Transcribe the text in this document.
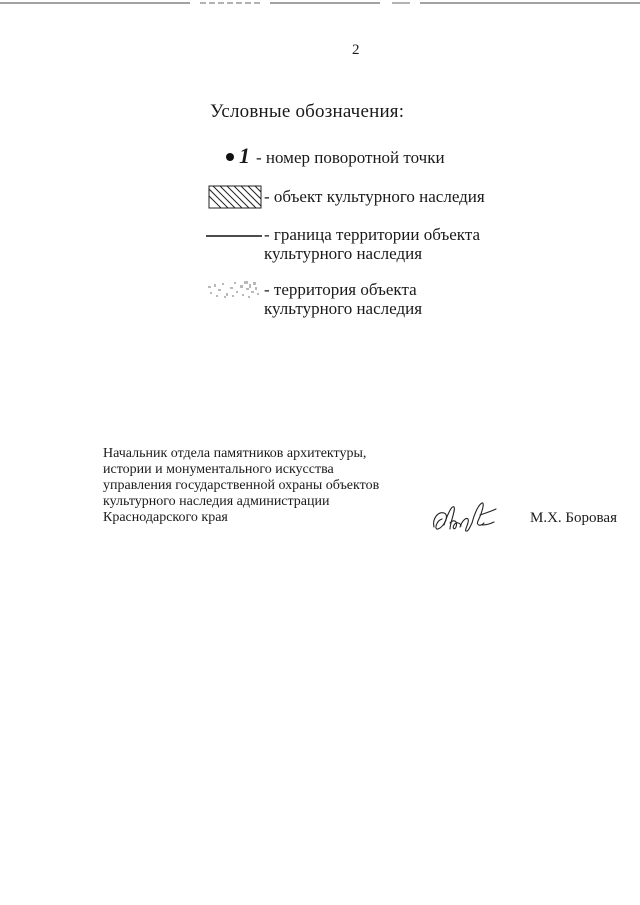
2
Условные обозначения:
1 - номер поворотной точки
- объект культурного наследия
- граница территории объекта
культурного наследия
- территория объекта
культурного наследия
Начальник отдела памятников архитектуры,
истории и монументального искусства
управления государственной охраны объектов
культурного наследия администрации
Краснодарского края	М.Х. Боровая
